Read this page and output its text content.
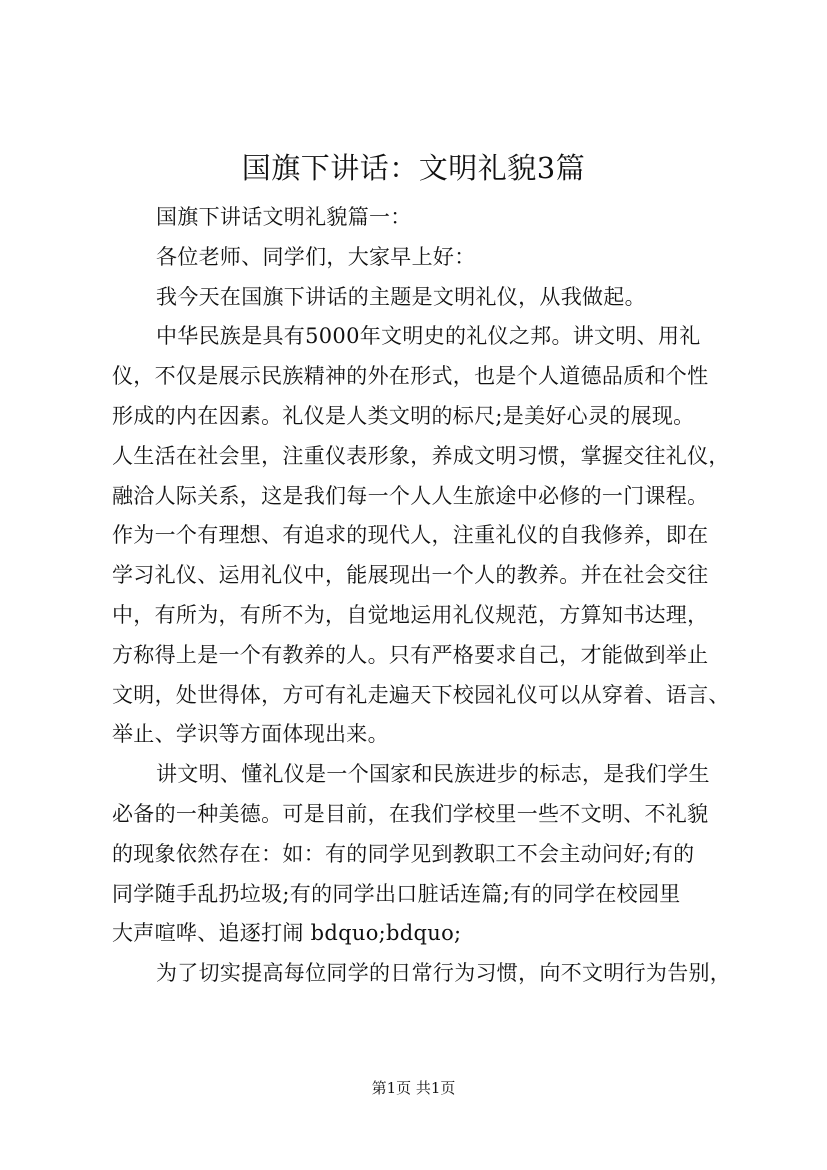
国旗下讲话：文明礼貌3篇
国旗下讲话文明礼貌篇一：
各位老师、同学们，大家早上好：
我今天在国旗下讲话的主题是文明礼仪，从我做起。
中华民族是具有5000年文明史的礼仪之邦。讲文明、用礼
仪，不仅是展示民族精神的外在形式，也是个人道德品质和个性
形成的内在因素。礼仪是人类文明的标尺;是美好心灵的展现。
人生活在社会里，注重仪表形象，养成文明习惯，掌握交往礼仪，
融洽人际关系，这是我们每一个人人生旅途中必修的一门课程。
作为一个有理想、有追求的现代人，注重礼仪的自我修养，即在
学习礼仪、运用礼仪中，能展现出一个人的教养。并在社会交往
中，有所为，有所不为，自觉地运用礼仪规范，方算知书达理，
方称得上是一个有教养的人。只有严格要求自己，才能做到举止
文明，处世得体，方可有礼走遍天下校园礼仪可以从穿着、语言、
举止、学识等方面体现出来。
讲文明、懂礼仪是一个国家和民族进步的标志，是我们学生
必备的一种美德。可是目前，在我们学校里一些不文明、不礼貌
的现象依然存在：如：有的同学见到教职工不会主动问好;有的
同学随手乱扔垃圾;有的同学出口脏话连篇;有的同学在校园里
大声喧哗、追逐打闹 bdquo;bdquo;
为了切实提高每位同学的日常行为习惯，向不文明行为告别，
第1页 共1页
